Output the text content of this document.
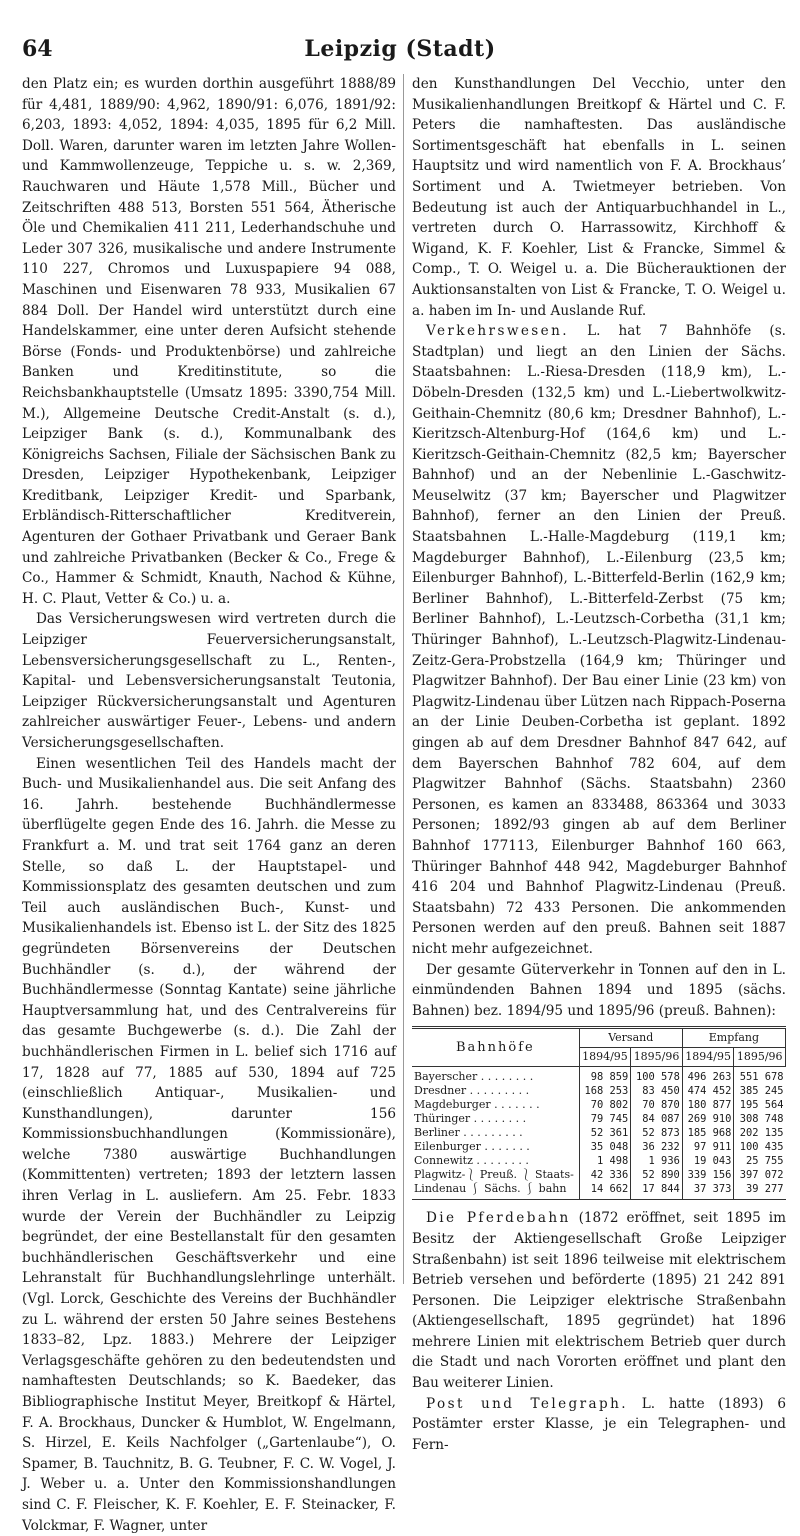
64	Leipzig (Stadt)

den Platz ein; es wurden dorthin ausgeführt 1888/89 für 4,481, 1889/90: 4,962, 1890/91: 6,076, 1891/92: 6,203, 1893: 4,052, 1894: 4,035, 1895 für 6,2 Mill. Doll. Waren, darunter waren im letzten Jahre Wollen- und Kammwollenzeuge, Teppiche u. s. w. 2,369, Rauchwaren und Häute 1,578 Mill., Bücher und Zeitschriften 488 513, Borsten 551 564, Ätherische Öle und Chemikalien 411 211, Lederhandschuhe und Leder 307 326, musikalische und andere Instrumente 110 227, Chromos und Luxuspapiere 94 088, Maschinen und Eisenwaren 78 933, Musikalien 67 884 Doll. Der Handel wird unterstützt durch eine Handelskammer, eine unter deren Aufsicht stehende Börse (Fonds- und Produktenbörse) und zahlreiche Banken und Kreditinstitute, so die Reichsbankhauptstelle (Umsatz 1895: 3390,754 Mill. M.), Allgemeine Deutsche Credit-Anstalt (s. d.), Leipziger Bank (s. d.), Kommunalbank des Königreichs Sachsen, Filiale der Sächsischen Bank zu Dresden, Leipziger Hypothekenbank, Leipziger Kreditbank, Leipziger Kredit- und Sparbank, Erbländisch-Ritterschaftlicher Kreditverein, Agenturen der Gothaer Privatbank und Geraer Bank und zahlreiche Privatbanken (Becker & Co., Frege & Co., Hammer & Schmidt, Knauth, Nachod & Kühne, H. C. Plaut, Vetter & Co.) u. a.

Das Versicherungswesen wird vertreten durch die Leipziger Feuerversicherungsanstalt, Lebensversicherungsgesellschaft zu L., Renten-, Kapital- und Lebensversicherungsanstalt Teutonia, Leipziger Rückversicherungsanstalt und Agenturen zahlreicher auswärtiger Feuer-, Lebens- und andern Versicherungsgesellschaften.

Einen wesentlichen Teil des Handels macht der Buch- und Musikalienhandel aus. Die seit Anfang des 16. Jahrh. bestehende Buchhändlermesse überflügelte gegen Ende des 16. Jahrh. die Messe zu Frankfurt a. M. und trat seit 1764 ganz an deren Stelle, so daß L. der Hauptstapel- und Kommissionsplatz des gesamten deutschen und zum Teil auch ausländischen Buch-, Kunst- und Musikalienhandels ist. Ebenso ist L. der Sitz des 1825 gegründeten Börsenvereins der Deutschen Buchhändler (s. d.), der während der Buchhändlermesse (Sonntag Kantate) seine jährliche Hauptversammlung hat, und des Centralvereins für das gesamte Buchgewerbe (s. d.). Die Zahl der buchhändlerischen Firmen in L. belief sich 1716 auf 17, 1828 auf 77, 1885 auf 530, 1894 auf 725 (einschließlich Antiquar-, Musikalien- und Kunsthandlungen), darunter 156 Kommissionsbuchhandlungen (Kommissionäre), welche 7380 auswärtige Buchhandlungen (Kommittenten) vertreten; 1893 der letztern lassen ihren Verlag in L. ausliefern. Am 25. Febr. 1833 wurde der Verein der Buchhändler zu Leipzig begründet, der eine Bestellanstalt für den gesamten buchhändlerischen Geschäftsverkehr und eine Lehranstalt für Buchhandlungslehrlinge unterhält. (Vgl. Lorck, Geschichte des Vereins der Buchhändler zu L. während der ersten 50 Jahre seines Bestehens 1833–82, Lpz. 1883.) Mehrere der Leipziger Verlagsgeschäfte gehören zu den bedeutendsten und namhaftesten Deutschlands; so K. Baedeker, das Bibliographische Institut Meyer, Breitkopf & Härtel, F. A. Brockhaus, Duncker & Humblot, W. Engelmann, S. Hirzel, E. Keils Nachfolger („Gartenlaube“), O. Spamer, B. Tauchnitz, B. G. Teubner, F. C. W. Vogel, J. J. Weber u. a. Unter den Kommissionshandlungen sind C. F. Fleischer, K. F. Koehler, E. F. Steinacker, F. Volckmar, F. Wagner, unter

den Kunsthandlungen Del Vecchio, unter den Musikalienhandlungen Breitkopf & Härtel und C. F. Peters die namhaftesten. Das ausländische Sortimentsgeschäft hat ebenfalls in L. seinen Hauptsitz und wird namentlich von F. A. Brockhaus’ Sortiment und A. Twietmeyer betrieben. Von Bedeutung ist auch der Antiquarbuchhandel in L., vertreten durch O. Harrassowitz, Kirchhoff & Wigand, K. F. Koehler, List & Francke, Simmel & Comp., T. O. Weigel u. a. Die Bücherauktionen der Auktionsanstalten von List & Francke, T. O. Weigel u. a. haben im In- und Auslande Ruf.

Verkehrswesen. L. hat 7 Bahnhöfe (s. Stadtplan) und liegt an den Linien der Sächs. Staatsbahnen: L.-Riesa-Dresden (118,9 km), L.-Döbeln-Dresden (132,5 km) und L.-Liebertwolkwitz-Geithain-Chemnitz (80,6 km; Dresdner Bahnhof), L.-Kieritzsch-Altenburg-Hof (164,6 km) und L.-Kieritzsch-Geithain-Chemnitz (82,5 km; Bayerscher Bahnhof) und an der Nebenlinie L.-Gaschwitz-Meuselwitz (37 km; Bayerscher und Plagwitzer Bahnhof), ferner an den Linien der Preuß. Staatsbahnen L.-Halle-Magdeburg (119,1 km; Magdeburger Bahnhof), L.-Eilenburg (23,5 km; Eilenburger Bahnhof), L.-Bitterfeld-Berlin (162,9 km; Berliner Bahnhof), L.-Bitterfeld-Zerbst (75 km; Berliner Bahnhof), L.-Leutzsch-Corbetha (31,1 km; Thüringer Bahnhof), L.-Leutzsch-Plagwitz-Lindenau-Zeitz-Gera-Probstzella (164,9 km; Thüringer und Plagwitzer Bahnhof). Der Bau einer Linie (23 km) von Plagwitz-Lindenau über Lützen nach Rippach-Poserna an der Linie Deuben-Corbetha ist geplant. 1892 gingen ab auf dem Dresdner Bahnhof 847 642, auf dem Bayerschen Bahnhof 782 604, auf dem Plagwitzer Bahnhof (Sächs. Staatsbahn) 2360 Personen, es kamen an 833488, 863364 und 3033 Personen; 1892/93 gingen ab auf dem Berliner Bahnhof 177113, Eilenburger Bahnhof 160 663, Thüringer Bahnhof 448 942, Magdeburger Bahnhof 416 204 und Bahnhof Plagwitz-Lindenau (Preuß. Staatsbahn) 72 433 Personen. Die ankommenden Personen werden auf den preuß. Bahnen seit 1887 nicht mehr aufgezeichnet.

Der gesamte Güterverkehr in Tonnen auf den in L. einmündenden Bahnen 1894 und 1895 (sächs. Bahnen) bez. 1894/95 und 1895/96 (preuß. Bahnen):

Bahnhöfe	Versand		Empfang	
	1894/95	1895/96	1894/95	1895/96
Bayerscher . . . . . . . .	98 859	100 578	496 263	551 678
Dresdner . . . . . . . . .	168 253	83 450	474 452	385 245
Magdeburger . . . . . . .	70 802	70 870	180 877	195 564
Thüringer . . . . . . . .	79 745	84 087	269 910	308 748
Berliner . . . . . . . . .	52 361	52 873	185 968	202 135
Eilenburger . . . . . . .	35 048	36 232	97 911	100 435
Connewitz . . . . . . . .	1 498	1 936	19 043	25 755
Plagwitz-⎱ Preuß. ⎱ Staats-	42 336	52 890	339 156	397 072
Lindenau ⎰ Sächs. ⎰ bahn	14 662	17 844	37 373	39 277

Die Pferdebahn (1872 eröffnet, seit 1895 im Besitz der Aktiengesellschaft Große Leipziger Straßenbahn) ist seit 1896 teilweise mit elektrischem Betrieb versehen und beförderte (1895) 21 242 891 Personen. Die Leipziger elektrische Straßenbahn (Aktiengesellschaft, 1895 gegründet) hat 1896 mehrere Linien mit elektrischem Betrieb quer durch die Stadt und nach Vororten eröffnet und plant den Bau weiterer Linien.

Post und Telegraph. L. hatte (1893) 6 Postämter erster Klasse, je ein Telegraphen- und Fern-
